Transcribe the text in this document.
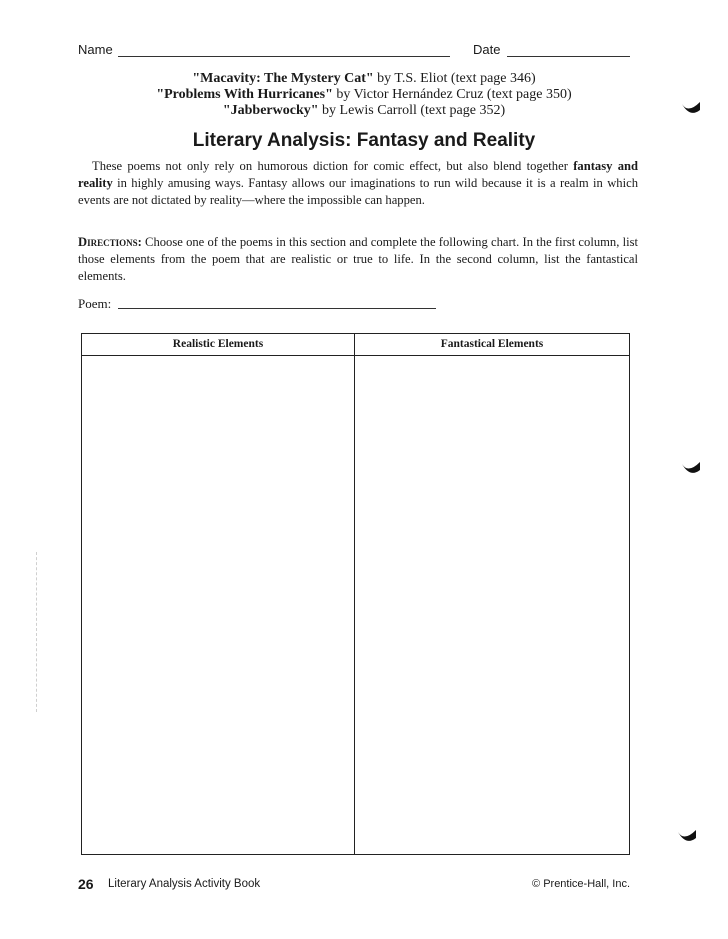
Name	Date
"Macavity: The Mystery Cat" by T.S. Eliot (text page 346)
"Problems With Hurricanes" by Victor Hernández Cruz (text page 350)
"Jabberwocky" by Lewis Carroll (text page 352)
Literary Analysis: Fantasy and Reality
These poems not only rely on humorous diction for comic effect, but also blend together fantasy and reality in highly amusing ways. Fantasy allows our imaginations to run wild because it is a realm in which events are not dictated by reality—where the impossible can happen.
Directions: Choose one of the poems in this section and complete the following chart. In the first column, list those elements from the poem that are realistic or true to life. In the second column, list the fantastical elements.
Poem:
Realistic Elements	Fantastical Elements
26 Literary Analysis Activity Book	© Prentice-Hall, Inc.
